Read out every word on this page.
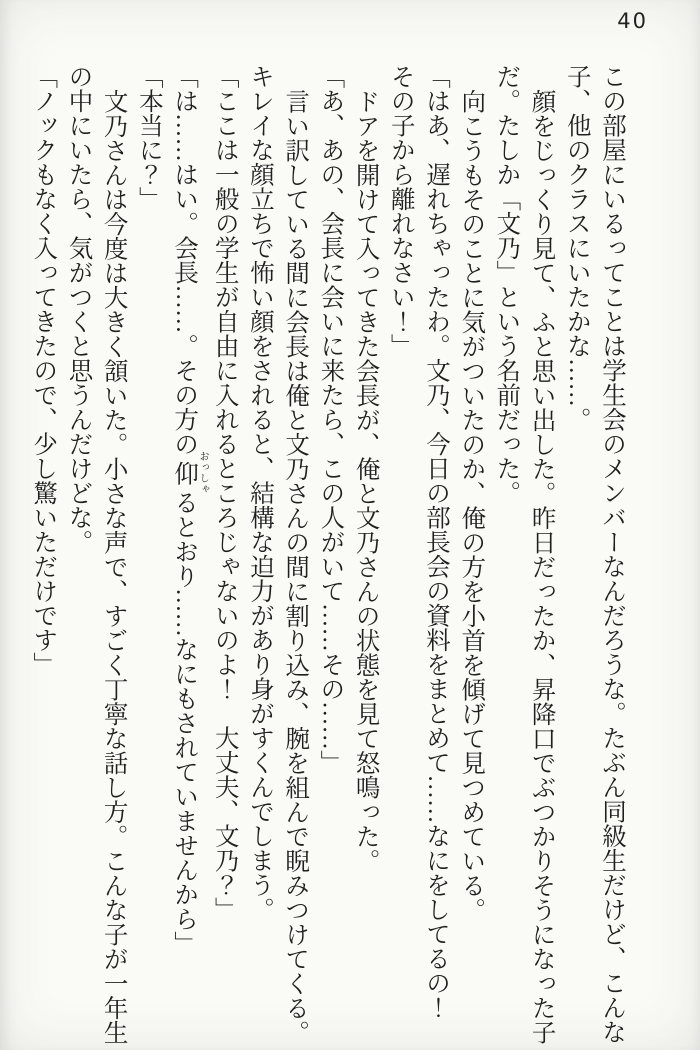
40

この部屋にいるってことは学生会のメンバーなんだろうな。たぶん同級生だけど、こんな

子、他のクラスにいたかな……。

顔をじっくり見て、ふと思い出した。昨日だったか、昇降口でぶつかりそうになった子

だ。たしか「文乃」という名前だった。

向こうもそのことに気がついたのか、俺の方を小首を傾げて見つめている。

「はあ、遅れちゃったわ。文乃、今日の部長会の資料をまとめて……なにをしてるの！

その子から離れなさい！」

ドアを開けて入ってきた会長が、俺と文乃さんの状態を見て怒鳴った。

「あ、あの、会長に会いに来たら、この人がいて……その……」

言い訳している間に会長は俺と文乃さんの間に割り込み、腕を組んで睨みつけてくる。

キレイな顔立ちで怖い顔をされると、結構な迫力があり身がすくんでしまう。

「ここは一般の学生が自由に入れるところじゃないのよ！　大丈夫、文乃？」

「は……はい。会長……。その方の仰 おっしゃるとおり……なにもされていませんから」

「本当に？」

文乃さんは今度は大きく頷いた。小さな声で、すごく丁寧な話し方。こんな子が一年生

の中にいたら、気がつくと思うんだけどな。

「ノックもなく入ってきたので、少し驚いただけです」
